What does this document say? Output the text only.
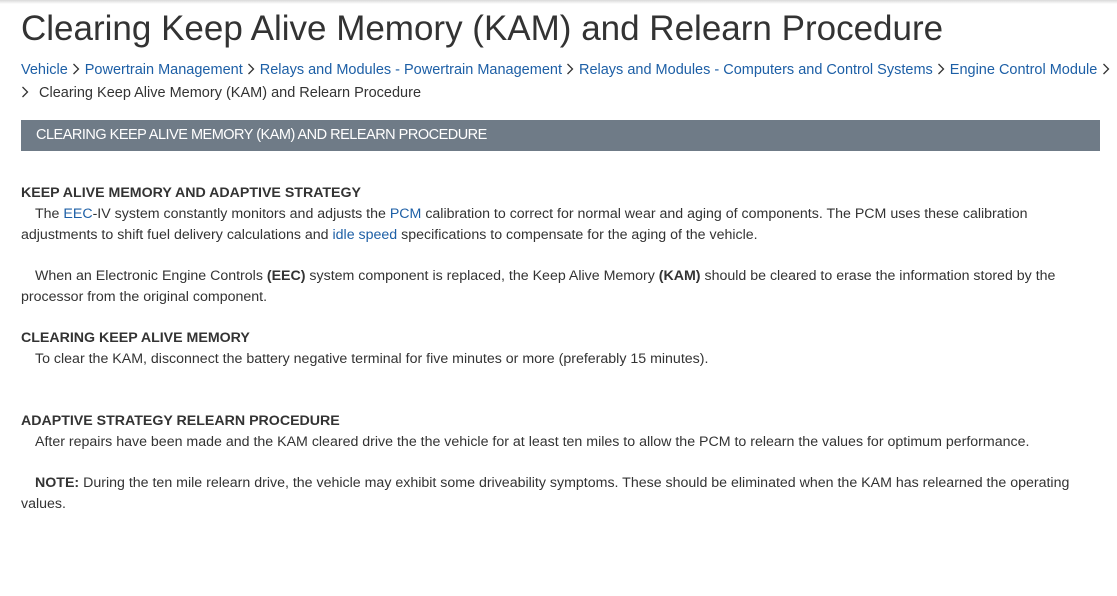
Clearing Keep Alive Memory (KAM) and Relearn Procedure
Vehicle Powertrain Management Relays and Modules - Powertrain Management Relays and Modules - Computers and Control Systems Engine Control Module
Clearing Keep Alive Memory (KAM) and Relearn Procedure
CLEARING KEEP ALIVE MEMORY (KAM) AND RELEARN PROCEDURE

KEEP ALIVE MEMORY AND ADAPTIVE STRATEGY

The EEC-IV system constantly monitors and adjusts the PCM calibration to correct for normal wear and aging of components. The PCM uses these calibration adjustments to shift fuel delivery calculations and idle speed specifications to compensate for the aging of the vehicle.

When an Electronic Engine Controls (EEC) system component is replaced, the Keep Alive Memory (KAM) should be cleared to erase the information stored by the processor from the original component.

CLEARING KEEP ALIVE MEMORY

To clear the KAM, disconnect the battery negative terminal for five minutes or more (preferably 15 minutes).

ADAPTIVE STRATEGY RELEARN PROCEDURE

After repairs have been made and the KAM cleared drive the the vehicle for at least ten miles to allow the PCM to relearn the values for optimum performance.

NOTE: During the ten mile relearn drive, the vehicle may exhibit some driveability symptoms. These should be eliminated when the KAM has relearned the operating values.
